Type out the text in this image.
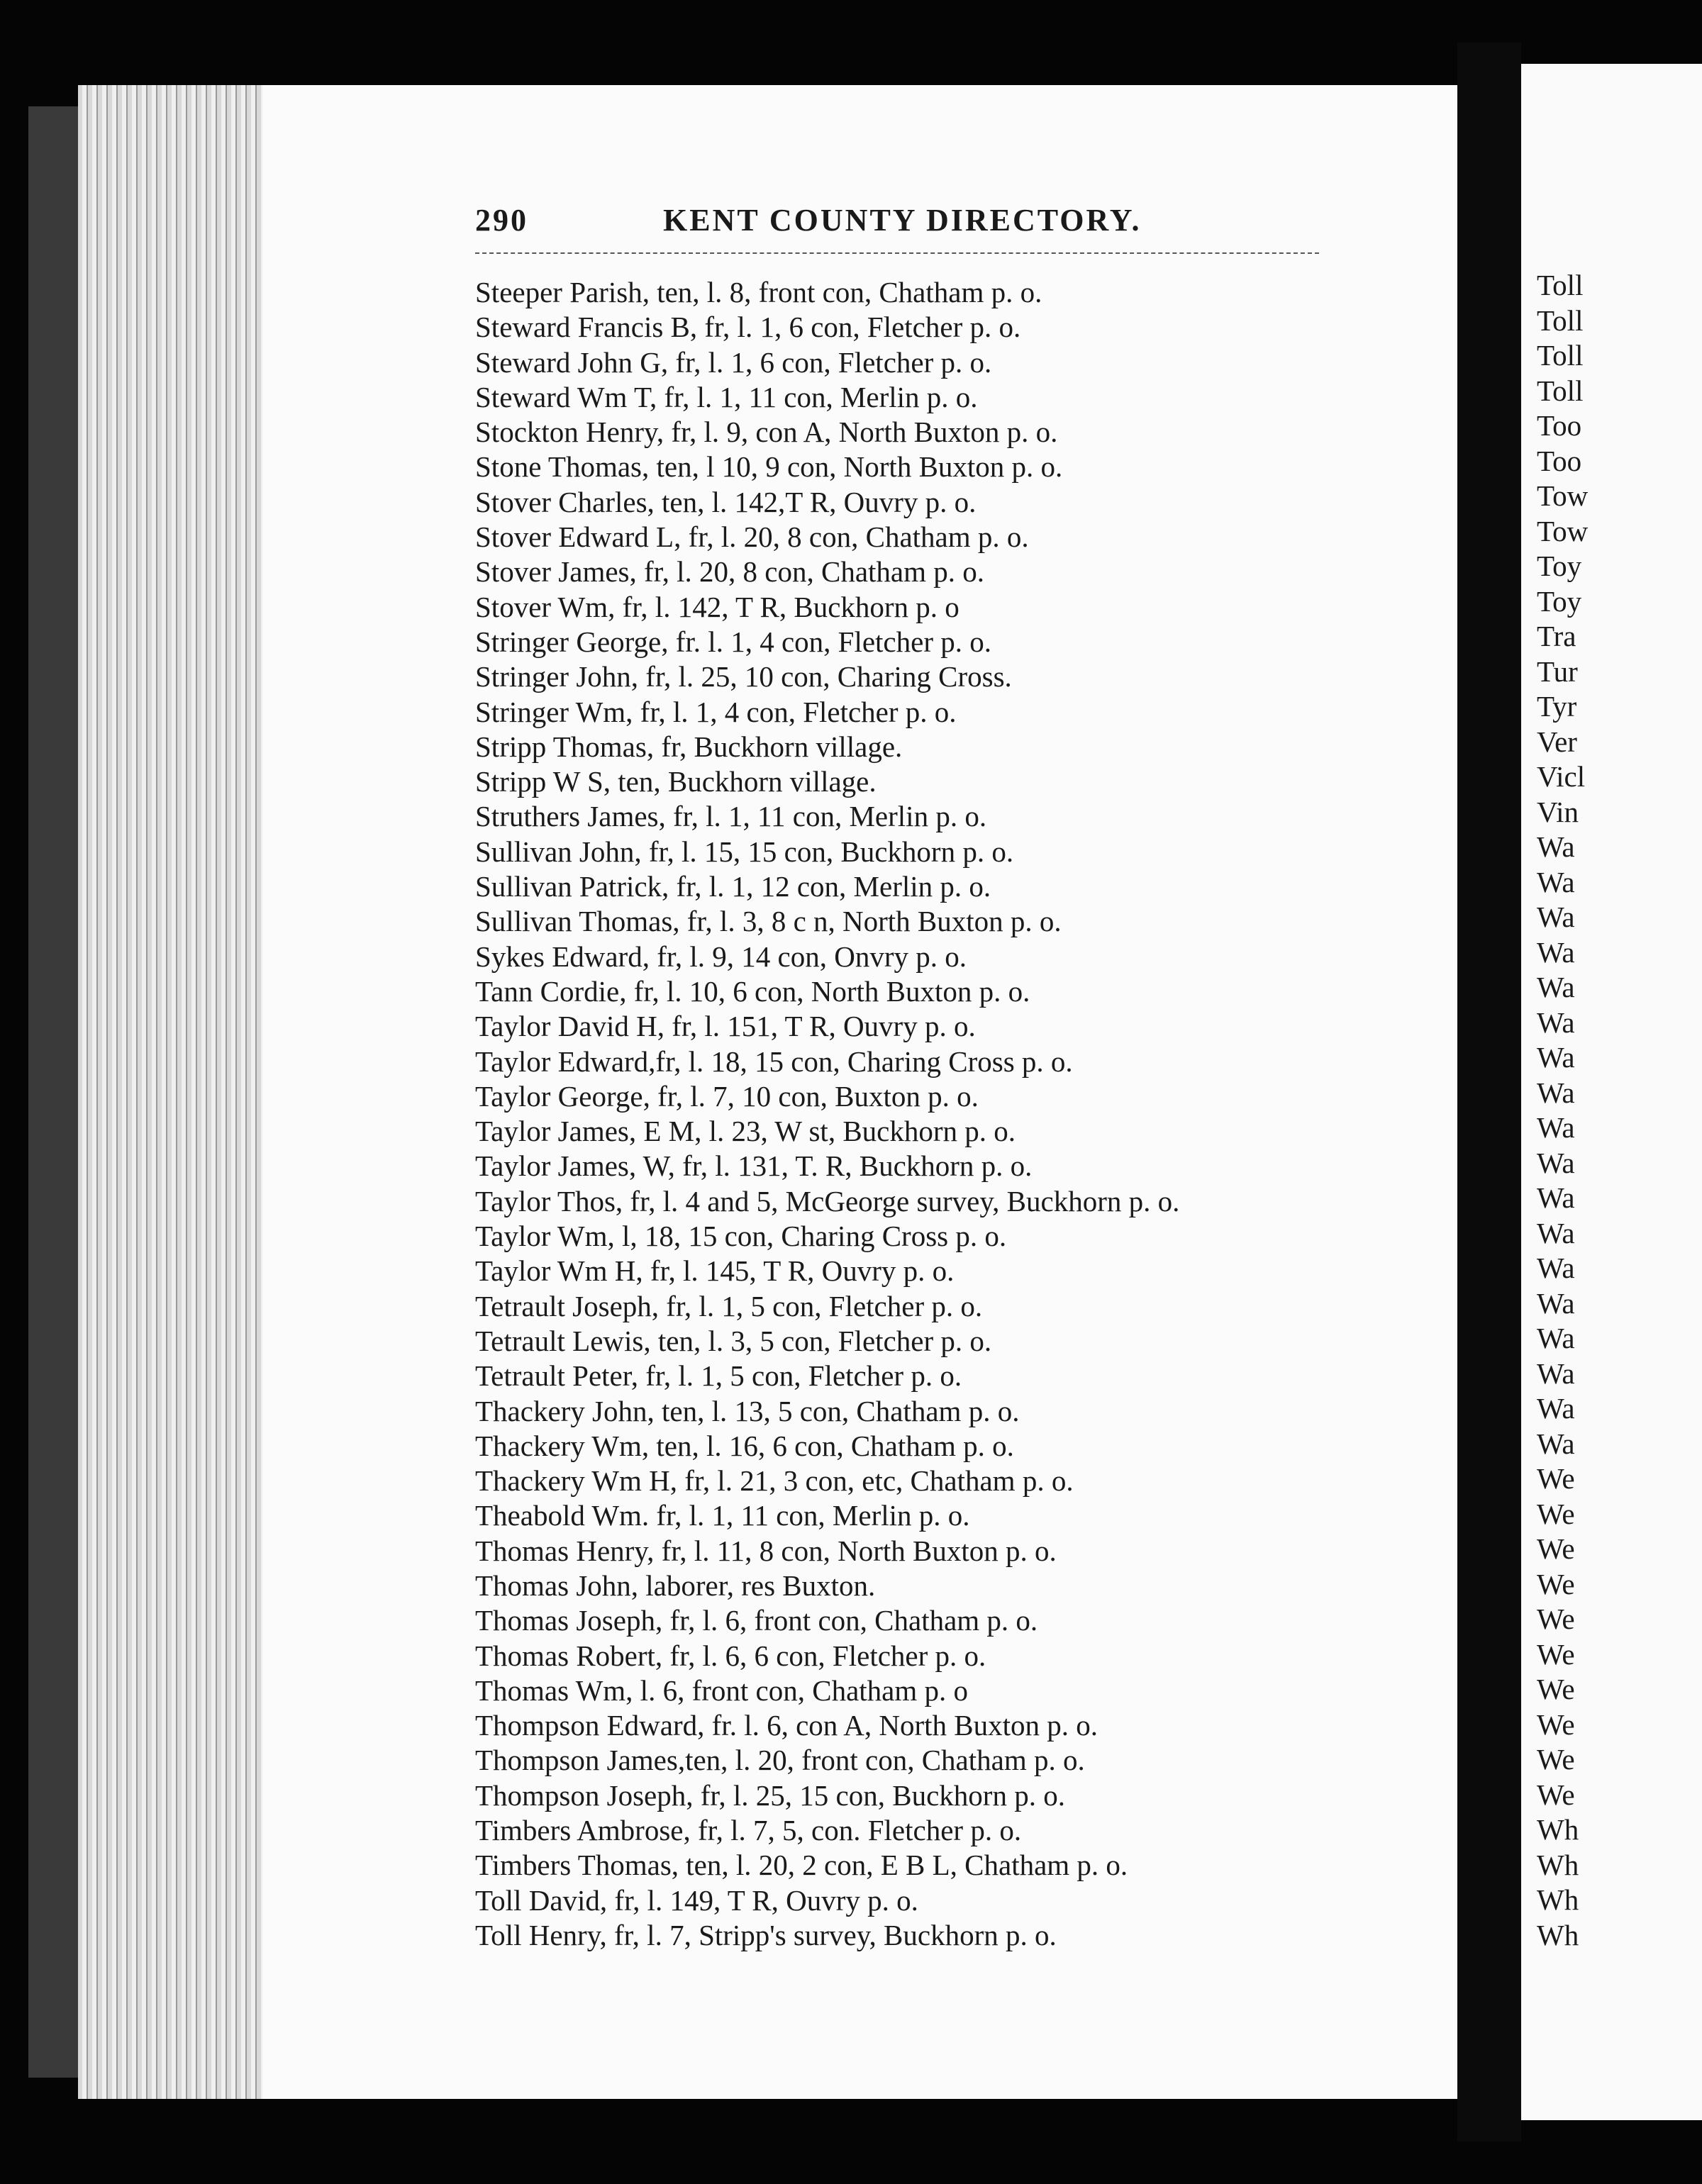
290	KENT COUNTY DIRECTORY.
Steeper Parish, ten, l. 8, front con, Chatham p. o.
Steward Francis B, fr, l. 1, 6 con, Fletcher p. o.
Steward John G, fr, l. 1, 6 con, Fletcher p. o.
Steward Wm T, fr, l. 1, 11 con, Merlin p. o.
Stockton Henry, fr, l. 9, con A, North Buxton p. o.
Stone Thomas, ten, l 10, 9 con, North Buxton p. o.
Stover Charles, ten, l. 142,T R, Ouvry p. o.
Stover Edward L, fr, l. 20, 8 con, Chatham p. o.
Stover James, fr, l. 20, 8 con, Chatham p. o.
Stover Wm, fr, l. 142, T R, Buckhorn p. o
Stringer George, fr. l. 1, 4 con, Fletcher p. o.
Stringer John, fr, l. 25, 10 con, Charing Cross.
Stringer Wm, fr, l. 1, 4 con, Fletcher p. o.
Stripp Thomas, fr, Buckhorn village.
Stripp W S, ten, Buckhorn village.
Struthers James, fr, l. 1, 11 con, Merlin p. o.
Sullivan John, fr, l. 15, 15 con, Buckhorn p. o.
Sullivan Patrick, fr, l. 1, 12 con, Merlin p. o.
Sullivan Thomas, fr, l. 3, 8 c n, North Buxton p. o.
Sykes Edward, fr, l. 9, 14 con, Onvry p. o.
Tann Cordie, fr, l. 10, 6 con, North Buxton p. o.
Taylor David H, fr, l. 151, T R, Ouvry p. o.
Taylor Edward,fr, l. 18, 15 con, Charing Cross p. o.
Taylor George, fr, l. 7, 10 con, Buxton p. o.
Taylor James, E M, l. 23, W st, Buckhorn p. o.
Taylor James, W, fr, l. 131, T. R, Buckhorn p. o.
Taylor Thos, fr, l. 4 and 5, McGeorge survey, Buckhorn p. o.
Taylor Wm, l, 18, 15 con, Charing Cross p. o.
Taylor Wm H, fr, l. 145, T R, Ouvry p. o.
Tetrault Joseph, fr, l. 1, 5 con, Fletcher p. o.
Tetrault Lewis, ten, l. 3, 5 con, Fletcher p. o.
Tetrault Peter, fr, l. 1, 5 con, Fletcher p. o.
Thackery John, ten, l. 13, 5 con, Chatham p. o.
Thackery Wm, ten, l. 16, 6 con, Chatham p. o.
Thackery Wm H, fr, l. 21, 3 con, etc, Chatham p. o.
Theabold Wm. fr, l. 1, 11 con, Merlin p. o.
Thomas Henry, fr, l. 11, 8 con, North Buxton p. o.
Thomas John, laborer, res Buxton.
Thomas Joseph, fr, l. 6, front con, Chatham p. o.
Thomas Robert, fr, l. 6, 6 con, Fletcher p. o.
Thomas Wm, l. 6, front con, Chatham p. o
Thompson Edward, fr. l. 6, con A, North Buxton p. o.
Thompson James,ten, l. 20, front con, Chatham p. o.
Thompson Joseph, fr, l. 25, 15 con, Buckhorn p. o.
Timbers Ambrose, fr, l. 7, 5, con. Fletcher p. o.
Timbers Thomas, ten, l. 20, 2 con, E B L, Chatham p. o.
Toll David, fr, l. 149, T R, Ouvry p. o.
Toll Henry, fr, l. 7, Stripp's survey, Buckhorn p. o.
Toll
Toll
Toll
Toll
Too
Too
Tow
Tow
Toy
Toy
Tra
Tur
Tyr
Ver
Vicl
Vin
Wa
Wa
Wa
Wa
Wa
Wa
Wa
Wa
Wa
Wa
Wa
Wa
Wa
Wa
Wa
Wa
Wa
Wa
We
We
We
We
We
We
We
We
We
We
Wh
Wh
Wh
Wh
